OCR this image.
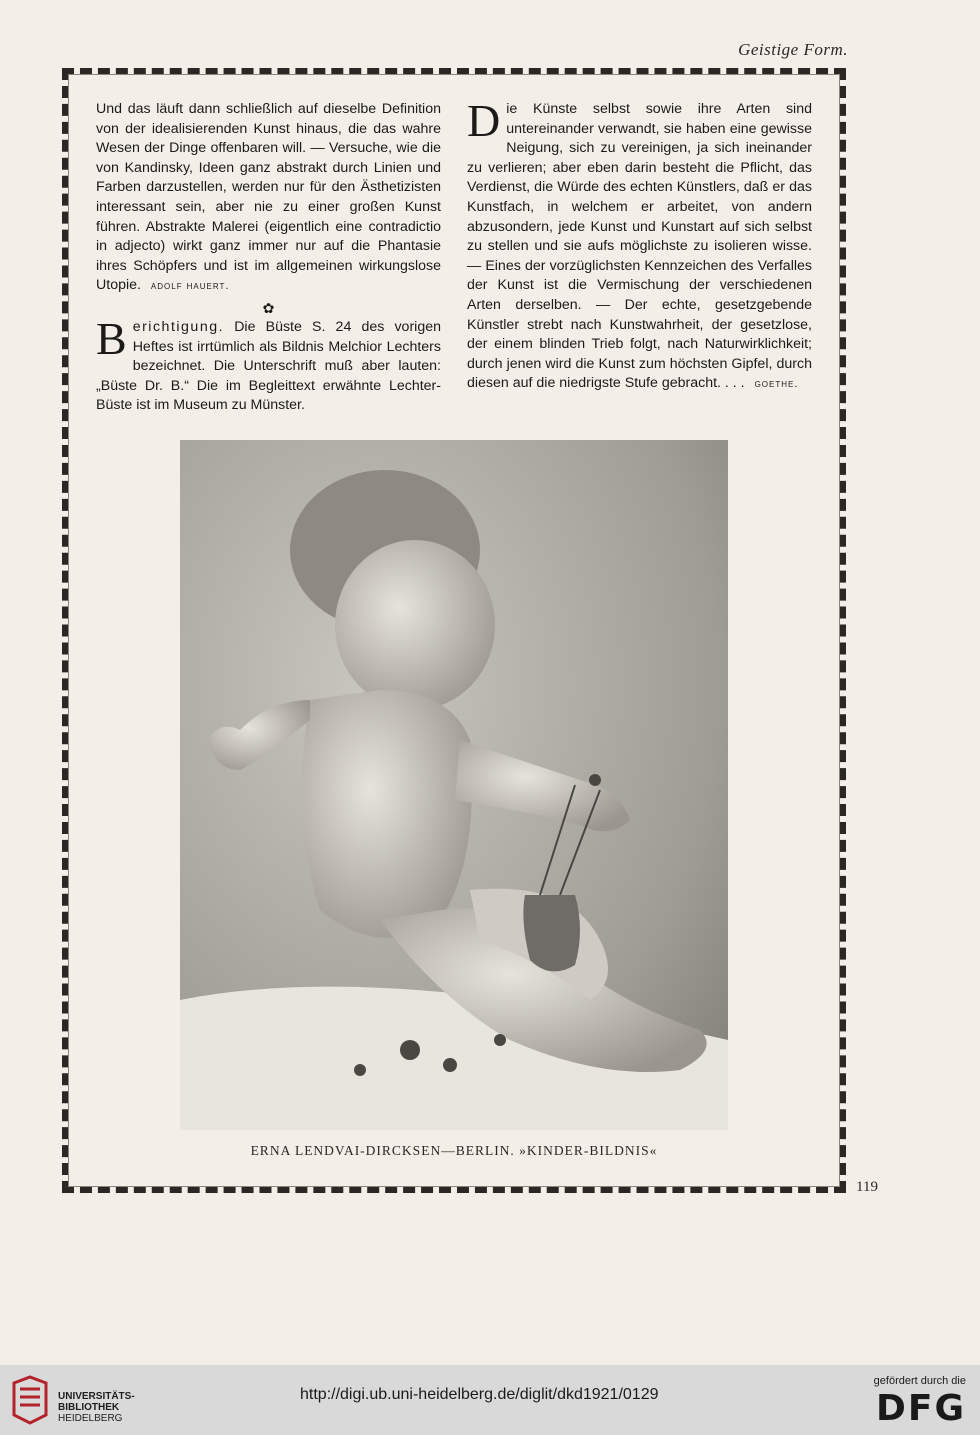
Geistige Form.

Und das läuft dann schließlich auf dieselbe Definition von der idealisierenden Kunst hinaus, die das wahre Wesen der Dinge offenbaren will. — Versuche, wie die von Kandinsky, Ideen ganz abstrakt durch Linien und Farben darzustellen, werden nur für den Ästhetizisten interessant sein, aber nie zu einer großen Kunst führen. Abstrakte Malerei (eigentlich eine contradictio in adjecto) wirkt ganz immer nur auf die Phantasie ihres Schöpfers und ist im allgemeinen wirkungslose Utopie. adolf hauert.

✿

Berichtigung. Die Büste S. 24 des vorigen Heftes ist irrtümlich als Bildnis Melchior Lechters bezeichnet. Die Unterschrift muß aber lauten: „Büste Dr. B.“ Die im Begleittext erwähnte Lechter-Büste ist im Museum zu Münster.

Die Künste selbst sowie ihre Arten sind untereinander verwandt, sie haben eine gewisse Neigung, sich zu vereinigen, ja sich ineinander zu verlieren; aber eben darin besteht die Pflicht, das Verdienst, die Würde des echten Künstlers, daß er das Kunstfach, in welchem er arbeitet, von andern abzusondern, jede Kunst und Kunstart auf sich selbst zu stellen und sie aufs möglichste zu isolieren wisse. — Eines der vorzüglichsten Kennzeichen des Verfalles der Kunst ist die Vermischung der verschiedenen Arten derselben. — Der echte, gesetzgebende Künstler strebt nach Kunstwahrheit, der gesetzlose, der einem blinden Trieb folgt, nach Naturwirklichkeit; durch jenen wird die Kunst zum höchsten Gipfel, durch diesen auf die niedrigste Stufe gebracht. . . . goethe.

ERNA LENDVAI-DIRCKSEN—BERLIN. »KINDER-BILDNIS«
119
UNIVERSITÄTS-
BIBLIOTHEK
HEIDELBERG
http://digi.ub.uni-heidelberg.de/diglit/dkd1921/0129
gefördert durch die
DFG
